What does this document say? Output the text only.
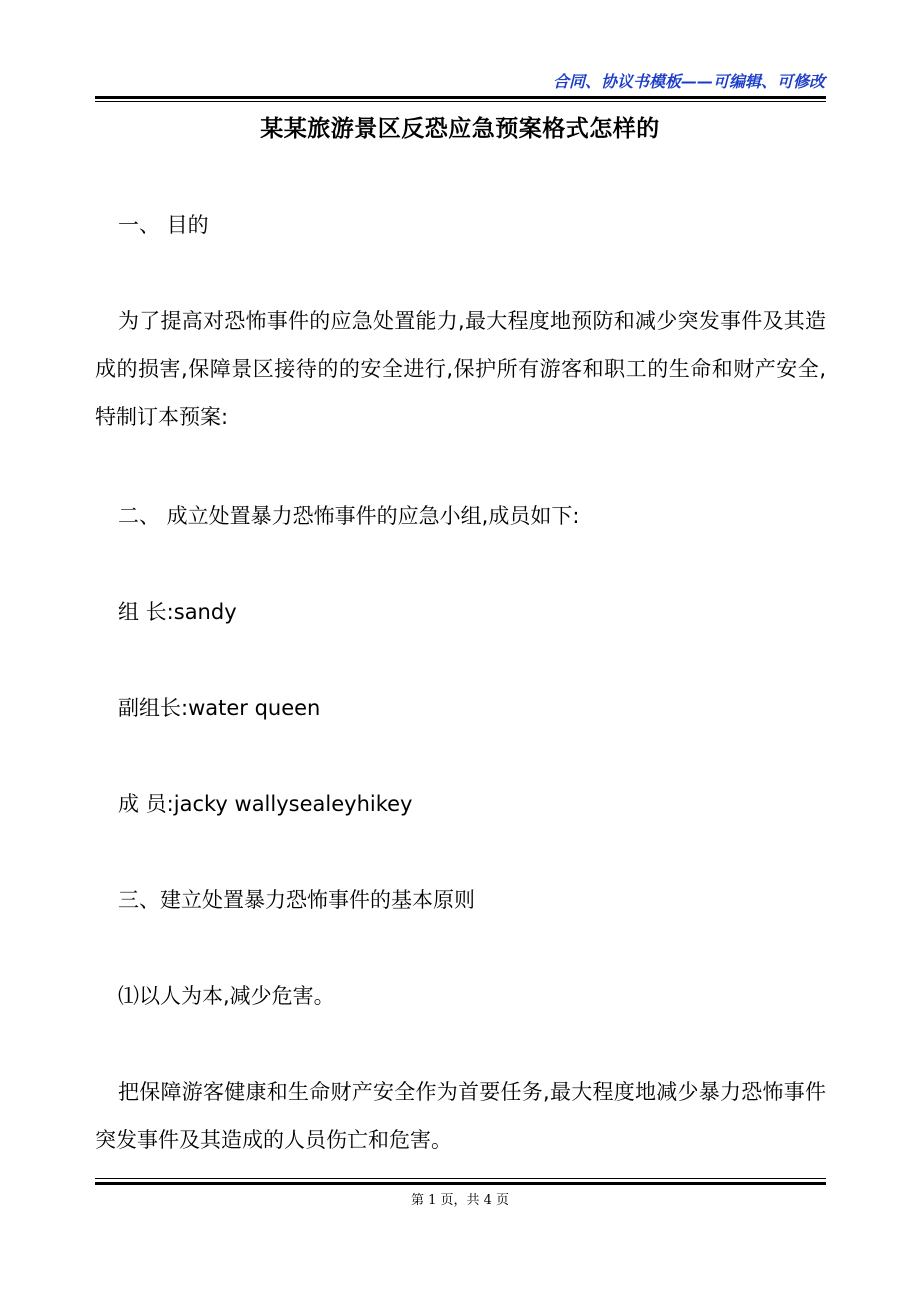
合同、协议书模板——可编辑、可修改
某某旅游景区反恐应急预案格式怎样的
一、 目的
为了提高对恐怖事件的应急处置能力,最大程度地预防和减少突发事件及其造成的损害,保障景区接待的的安全进行,保护所有游客和职工的生命和财产安全,特制订本预案:
二、 成立处置暴力恐怖事件的应急小组,成员如下:
组 长:sandy
副组长:water queen
成 员:jacky wallysealeyhikey
三、建立处置暴力恐怖事件的基本原则
⑴以人为本,减少危害。
把保障游客健康和生命财产安全作为首要任务,最大程度地减少暴力恐怖事件突发事件及其造成的人员伤亡和危害。
第 1 页，共 4 页
